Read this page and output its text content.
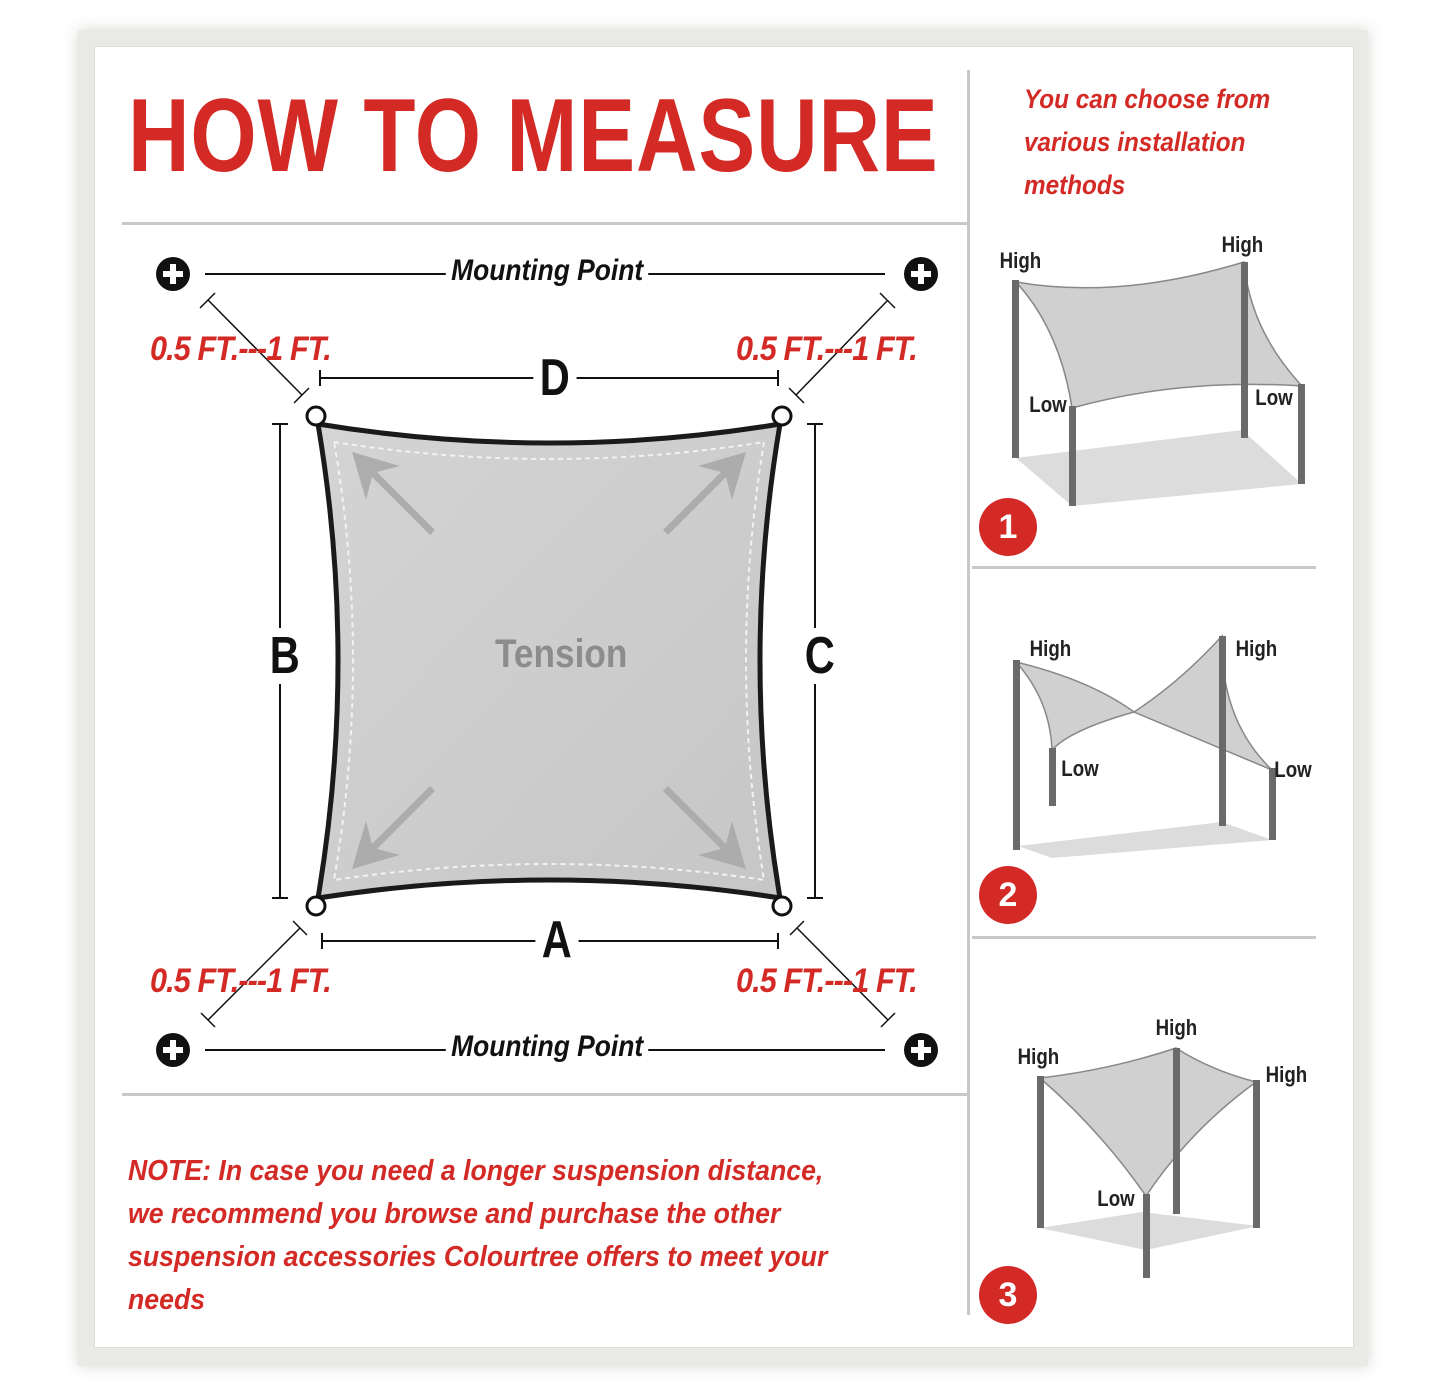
HOW TO MEASURE	You can choose from various installation methods
Mounting Point
Mounting Point
0.5 FT.---1 FT.	0.5 FT.---1 FT.
0.5 FT.---1 FT.	0.5 FT.---1 FT.
D
A
B	C
Tension
NOTE: In case you need a longer suspension distance, we recommend you browse and purchase the other suspension accessories Colourtree offers to meet your needs
High
High
Low	Low
1
High	High
Low	Low
2
High
High
High
Low
3
